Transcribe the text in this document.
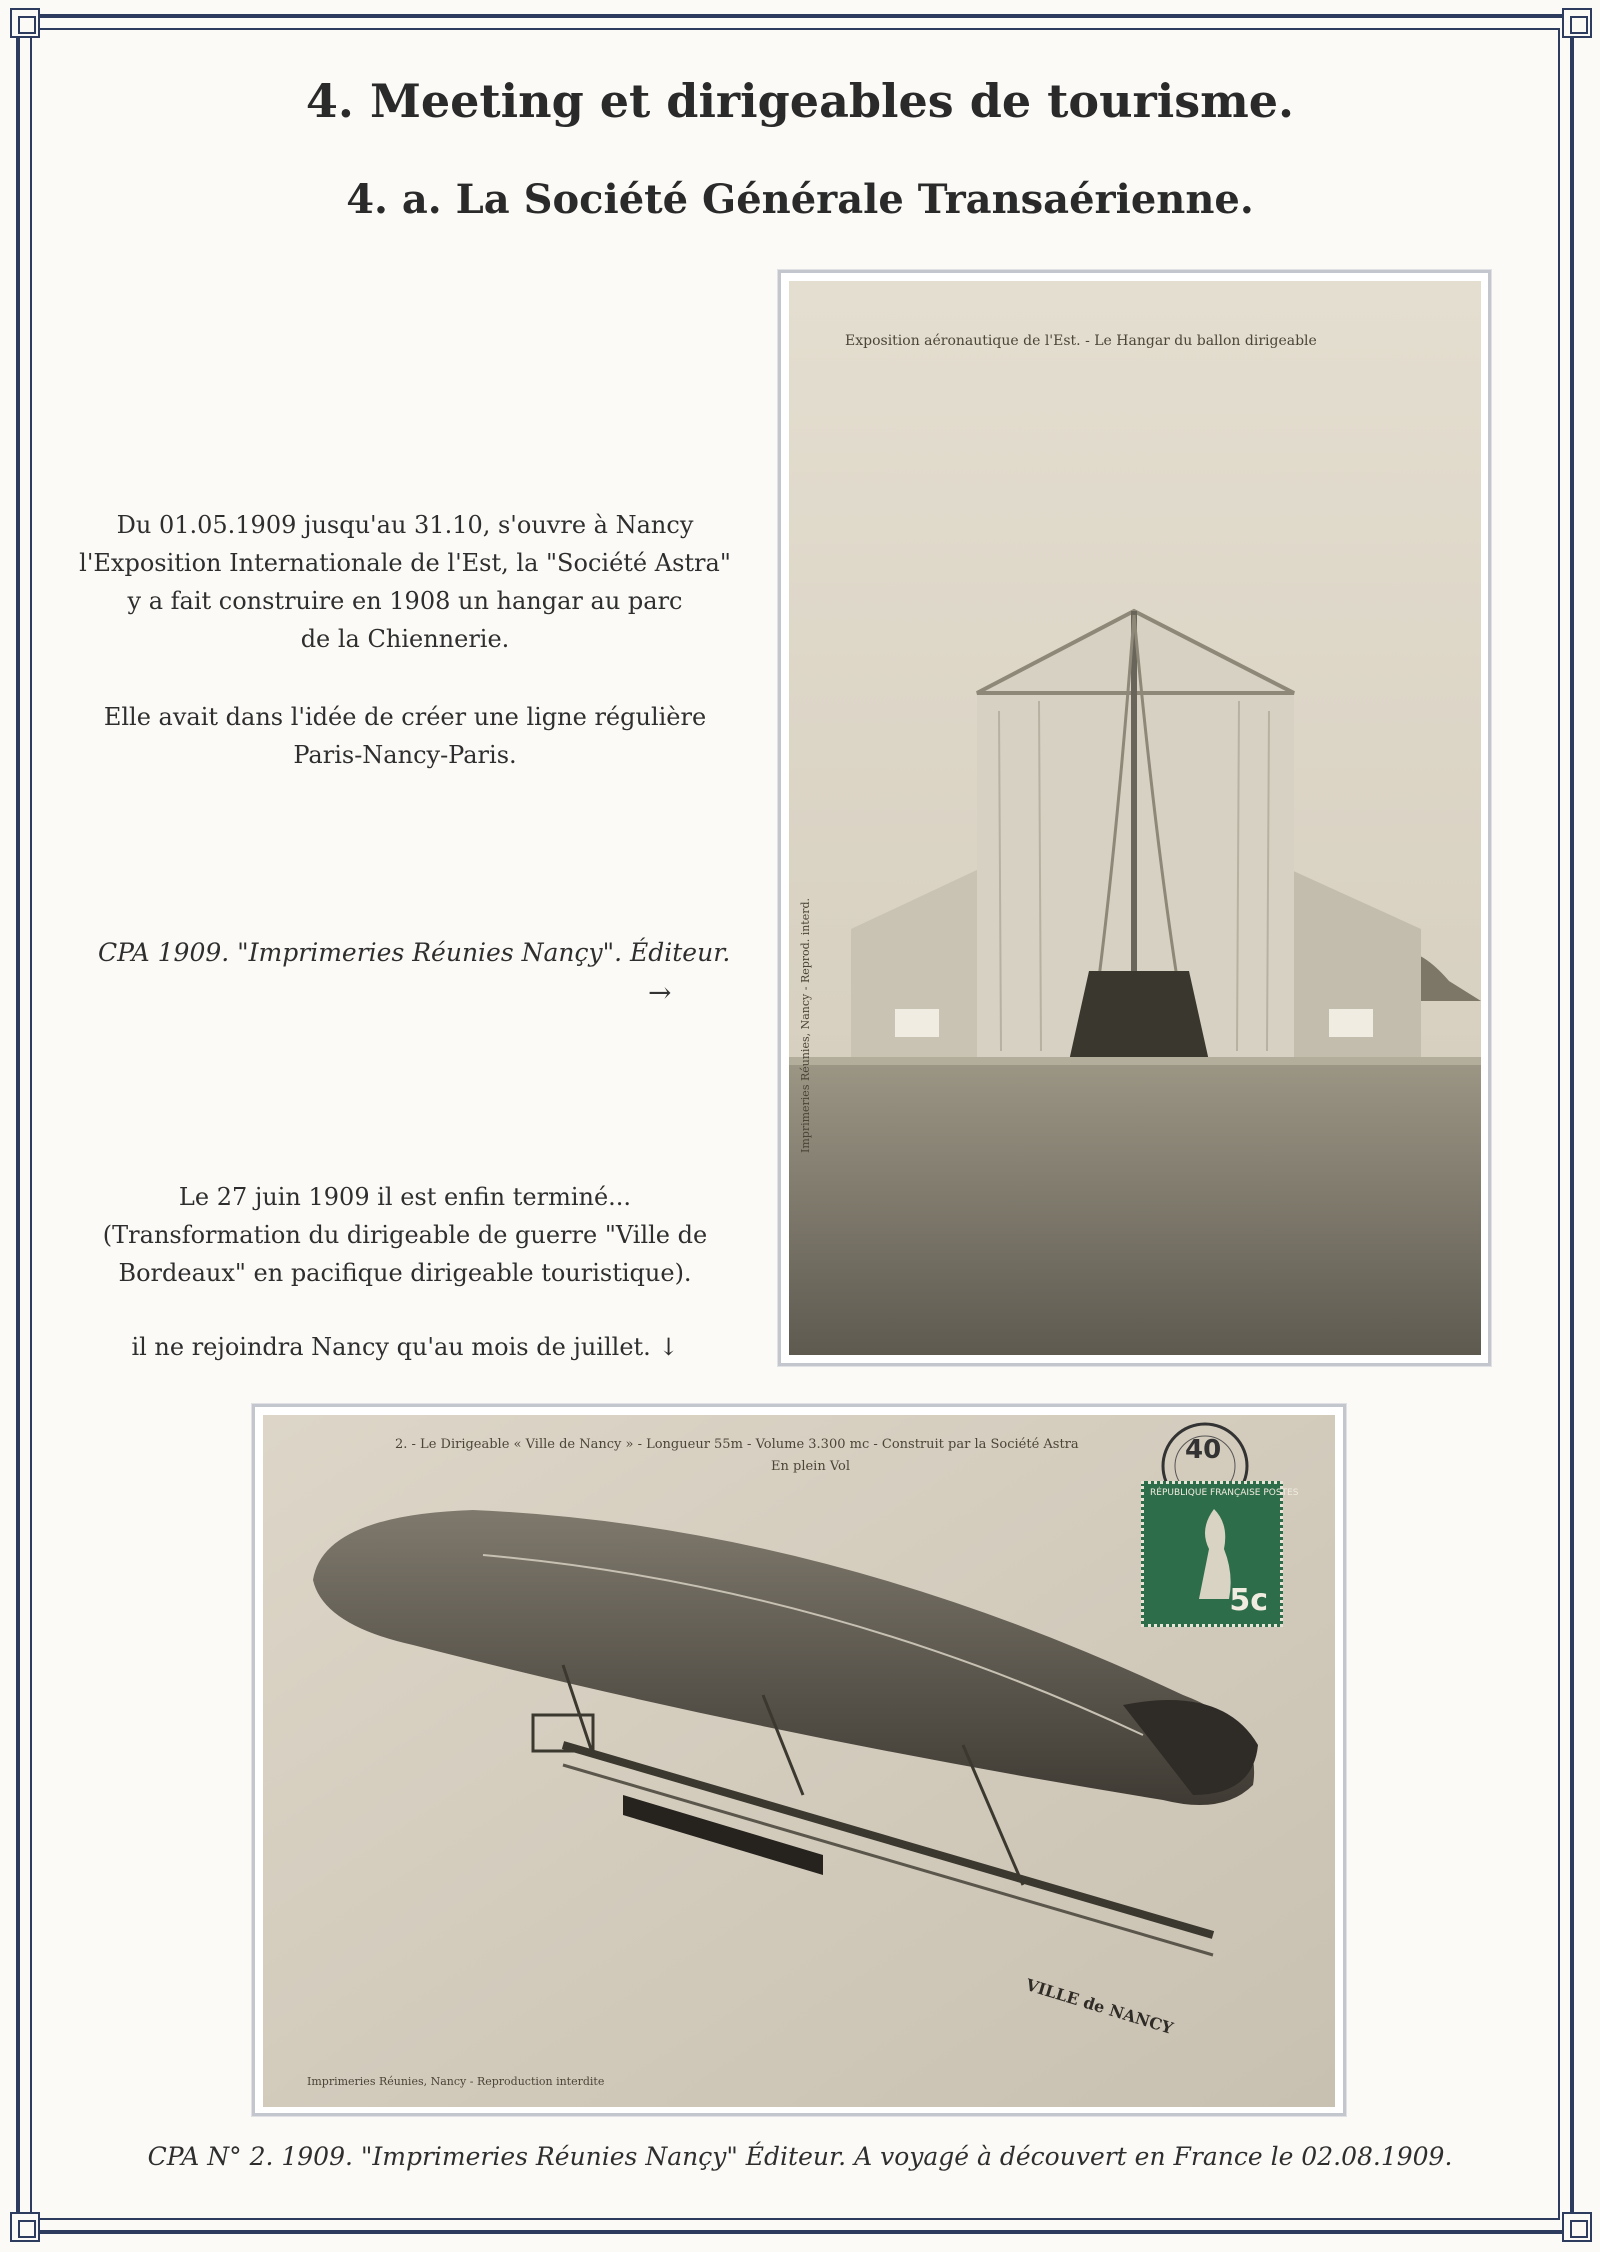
4. Meeting et dirigeables de tourisme.
4. a. La Société Générale Transaérienne.

Du 01.05.1909 jusqu'au 31.10, s'ouvre à Nancy

l'Exposition Internationale de l'Est, la "Société Astra"

y a fait construire en 1908 un hangar au parc

de la Chiennerie.

Elle avait dans l'idée de créer une ligne régulière

Paris-Nancy-Paris.

CPA 1909. "Imprimeries Réunies Nançy". Éditeur.
→

Le 27 juin 1909 il est enfin terminé...

(Transformation du dirigeable de guerre "Ville de

Bordeaux" en pacifique dirigeable touristique).

il ne rejoindra Nancy qu'au mois de juillet. ↓

Exposition aéronautique de l'Est. - Le Hangar du ballon dirigeable
Imprimeries Réunies, Nancy - Reprod. interd.
2. - Le Dirigeable « Ville de Nancy » - Longueur 55m - Volume 3.300 mc - Construit par la Société Astra
En plein Vol
Imprimeries Réunies, Nancy - Reproduction interdite
VILLE de NANCY
40
RÉPUBLIQUE FRANÇAISE POSTES
5c
CPA N° 2. 1909. "Imprimeries Réunies Nançy" Éditeur. A voyagé à découvert en France le 02.08.1909.
